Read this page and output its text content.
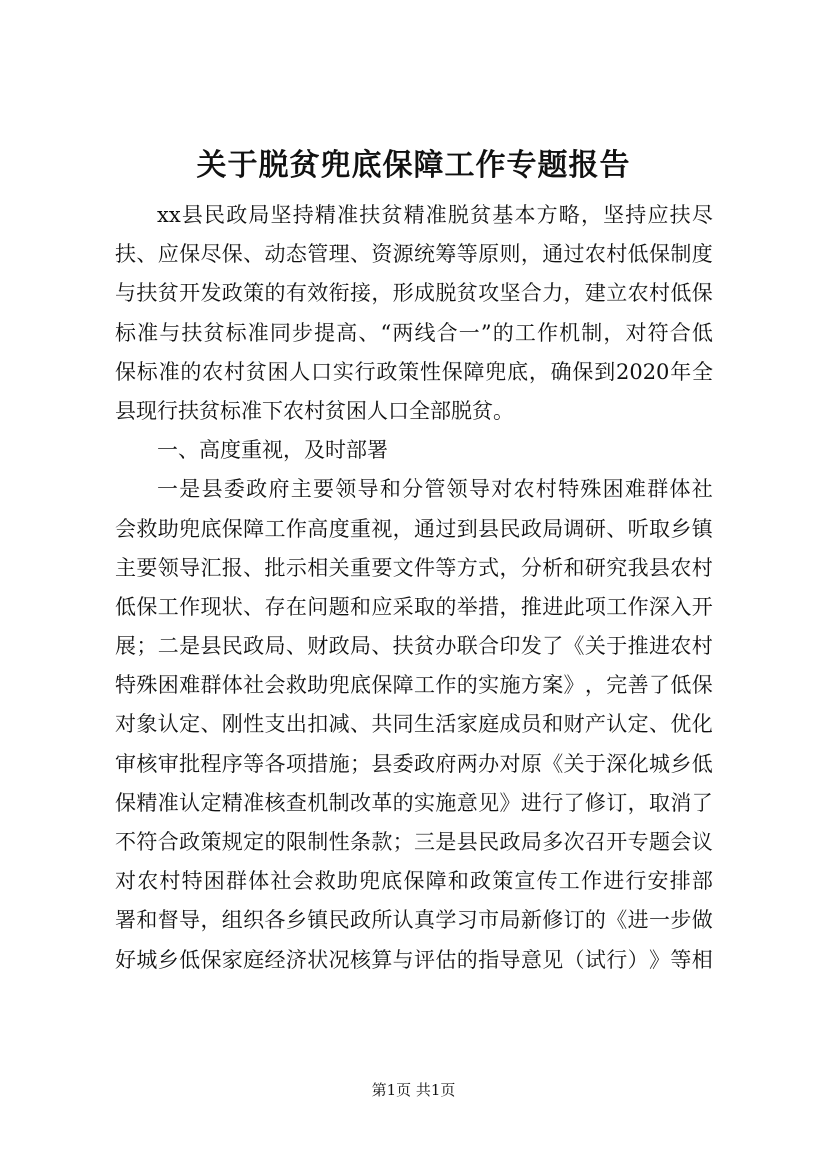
关于脱贫兜底保障工作专题报告
xx 县 民 政 局 坚 持 精 准 扶 贫 精 准 脱 贫 基 本 方 略 ， 坚 持 应 扶 尽
扶 、 应 保 尽 保 、 动 态 管 理 、 资 源 统 筹 等 原 则 ， 通 过 农 村 低 保 制 度
与 扶 贫 开 发 政 策 的 有 效 衔 接 ， 形 成 脱 贫 攻 坚 合 力 ， 建 立 农 村 低 保
标 准 与 扶 贫 标 准 同 步 提 高 、 “ 两 线 合 一 ” 的 工 作 机 制 ， 对 符 合 低
保 标 准 的 农 村 贫 困 人 口 实 行 政 策 性 保 障 兜 底 ， 确 保 到 2020 年 全
县 现 行 扶 贫 标 准 下 农 村 贫 困 人 口 全 部 脱 贫 。
一、高度重视，及时部署
一 是 县 委 政 府 主 要 领 导 和 分 管 领 导 对 农 村 特 殊 困 难 群 体 社
会 救 助 兜 底 保 障 工 作 高 度 重 视 ， 通 过 到 县 民 政 局 调 研 、 听 取 乡 镇
主 要 领 导 汇 报 、 批 示 相 关 重 要 文 件 等 方 式 ， 分 析 和 研 究 我 县 农 村
低 保 工 作 现 状 、 存 在 问 题 和 应 采 取 的 举 措 ， 推 进 此 项 工 作 深 入 开
展 ； 二 是 县 民 政 局 、 财 政 局 、 扶 贫 办 联 合 印 发 了 《 关 于 推 进 农 村
特 殊 困 难 群 体 社 会 救 助 兜 底 保 障 工 作 的 实 施 方 案 》 ， 完 善 了 低 保
对 象 认 定 、 刚 性 支 出 扣 减 、 共 同 生 活 家 庭 成 员 和 财 产 认 定 、 优 化
审 核 审 批 程 序 等 各 项 措 施 ； 县 委 政 府 两 办 对 原 《 关 于 深 化 城 乡 低
保 精 准 认 定 精 准 核 查 机 制 改 革 的 实 施 意 见 》 进 行 了 修 订 ， 取 消 了
不 符 合 政 策 规 定 的 限 制 性 条 款 ； 三 是 县 民 政 局 多 次 召 开 专 题 会 议
对 农 村 特 困 群 体 社 会 救 助 兜 底 保 障 和 政 策 宣 传 工 作 进 行 安 排 部
署 和 督 导 ， 组 织 各 乡 镇 民 政 所 认 真 学 习 市 局 新 修 订 的 《 进 一 步 做
好 城 乡 低 保 家 庭 经 济 状 况 核 算 与 评 估 的 指 导 意 见 （ 试 行 ） 》 等 相
第1页 共1页
